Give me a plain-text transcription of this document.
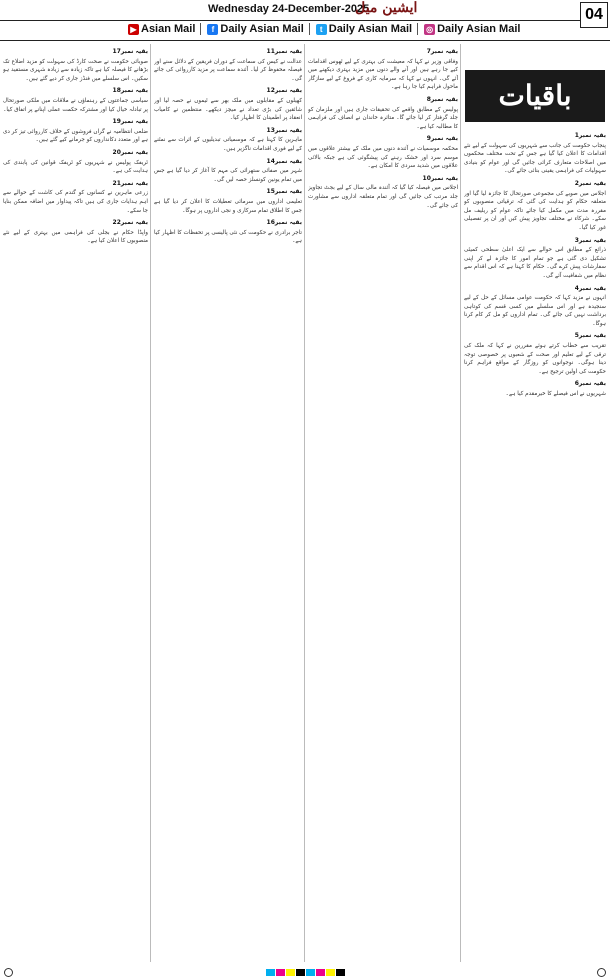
Wednesday 24-December-2025
ایشین میل	04
▶ Asian Mail	f Daily Asian Mail	t Daily Asian Mail ◎ Daily Asian Mail
باقیات
بقیہ نمبر1

پنجاب حکومت کی جانب سے شہریوں کی سہولت کے لیے نئے اقدامات کا اعلان کیا گیا ہے جس کے تحت مختلف محکموں میں اصلاحات متعارف کرائی جائیں گی اور عوام کو بنیادی سہولیات کی فراہمی یقینی بنائی جائے گی۔

بقیہ نمبر2

اجلاس میں صوبے کی مجموعی صورتحال کا جائزہ لیا گیا اور متعلقہ حکام کو ہدایت کی گئی کہ ترقیاتی منصوبوں کو مقررہ مدت میں مکمل کیا جائے تاکہ عوام کو ریلیف مل سکے۔ شرکاء نے مختلف تجاویز پیش کیں اور ان پر تفصیلی غور کیا گیا۔

بقیہ نمبر3

ذرائع کے مطابق اس حوالے سے ایک اعلیٰ سطحی کمیٹی تشکیل دی گئی ہے جو تمام امور کا جائزہ لے کر اپنی سفارشات پیش کرے گی۔ حکام کا کہنا ہے کہ اس اقدام سے نظام میں شفافیت آئے گی۔

بقیہ نمبر4

انہوں نے مزید کہا کہ حکومت عوامی مسائل کے حل کے لیے سنجیدہ ہے اور اس سلسلے میں کسی قسم کی کوتاہی برداشت نہیں کی جائے گی۔ تمام اداروں کو مل کر کام کرنا ہوگا۔

بقیہ نمبر5

تقریب سے خطاب کرتے ہوئے مقررین نے کہا کہ ملک کی ترقی کے لیے تعلیم اور صحت کے شعبوں پر خصوصی توجہ دینا ہوگی۔ نوجوانوں کو روزگار کے مواقع فراہم کرنا حکومت کی اولین ترجیح ہے۔

بقیہ نمبر6

شہریوں نے اس فیصلے کا خیرمقدم کیا ہے۔

بقیہ نمبر7

وفاقی وزیر نے کہا کہ معیشت کی بہتری کے لیے ٹھوس اقدامات کیے جا رہے ہیں اور آنے والے دنوں میں مزید بہتری دیکھنے میں آئے گی۔ انہوں نے کہا کہ سرمایہ کاری کے فروغ کے لیے سازگار ماحول فراہم کیا جا رہا ہے۔

بقیہ نمبر8

پولیس کے مطابق واقعے کی تحقیقات جاری ہیں اور ملزمان کو جلد گرفتار کر لیا جائے گا۔ متاثرہ خاندان نے انصاف کی فراہمی کا مطالبہ کیا ہے۔

بقیہ نمبر9

محکمہ موسمیات نے آئندہ دنوں میں ملک کے بیشتر علاقوں میں موسم سرد اور خشک رہنے کی پیشگوئی کی ہے جبکہ بالائی علاقوں میں شدید سردی کا امکان ہے۔

بقیہ نمبر10

اجلاس میں فیصلہ کیا گیا کہ آئندہ مالی سال کے لیے بجٹ تجاویز جلد مرتب کی جائیں گی اور تمام متعلقہ اداروں سے مشاورت کی جائے گی۔

بقیہ نمبر11

عدالت نے کیس کی سماعت کے دوران فریقین کے دلائل سنے اور فیصلہ محفوظ کر لیا۔ آئندہ سماعت پر مزید کارروائی کی جائے گی۔

بقیہ نمبر12

کھیلوں کے مقابلوں میں ملک بھر سے ٹیموں نے حصہ لیا اور شائقین کی بڑی تعداد نے میچز دیکھے۔ منتظمین نے کامیاب انعقاد پر اطمینان کا اظہار کیا۔

بقیہ نمبر13

ماہرین کا کہنا ہے کہ موسمیاتی تبدیلیوں کے اثرات سے نمٹنے کے لیے فوری اقدامات ناگزیر ہیں۔

بقیہ نمبر14

شہر میں صفائی ستھرائی کی مہم کا آغاز کر دیا گیا ہے جس میں تمام یونین کونسلز حصہ لیں گی۔

بقیہ نمبر15

تعلیمی اداروں میں سرمائی تعطیلات کا اعلان کر دیا گیا ہے جس کا اطلاق تمام سرکاری و نجی اداروں پر ہوگا۔

بقیہ نمبر16

تاجر برادری نے حکومت کی نئی پالیسی پر تحفظات کا اظہار کیا ہے۔

بقیہ نمبر17

صوبائی حکومت نے صحت کارڈ کی سہولت کو مزید اضلاع تک بڑھانے کا فیصلہ کیا ہے تاکہ زیادہ سے زیادہ شہری مستفید ہو سکیں۔ اس سلسلے میں فنڈز جاری کر دیے گئے ہیں۔

بقیہ نمبر18

سیاسی جماعتوں کے رہنماؤں نے ملاقات میں ملکی صورتحال پر تبادلہ خیال کیا اور مشترکہ حکمت عملی اپنانے پر اتفاق کیا۔

بقیہ نمبر19

ضلعی انتظامیہ نے گراں فروشوں کے خلاف کارروائی تیز کر دی ہے اور متعدد دکانداروں کو جرمانے کیے گئے ہیں۔

بقیہ نمبر20

ٹریفک پولیس نے شہریوں کو ٹریفک قوانین کی پابندی کی ہدایت کی ہے۔

بقیہ نمبر21

زرعی ماہرین نے کسانوں کو گندم کی کاشت کے حوالے سے اہم ہدایات جاری کی ہیں تاکہ پیداوار میں اضافہ ممکن بنایا جا سکے۔

بقیہ نمبر22

واپڈا حکام نے بجلی کی فراہمی میں بہتری کے لیے نئے منصوبوں کا اعلان کیا ہے۔
